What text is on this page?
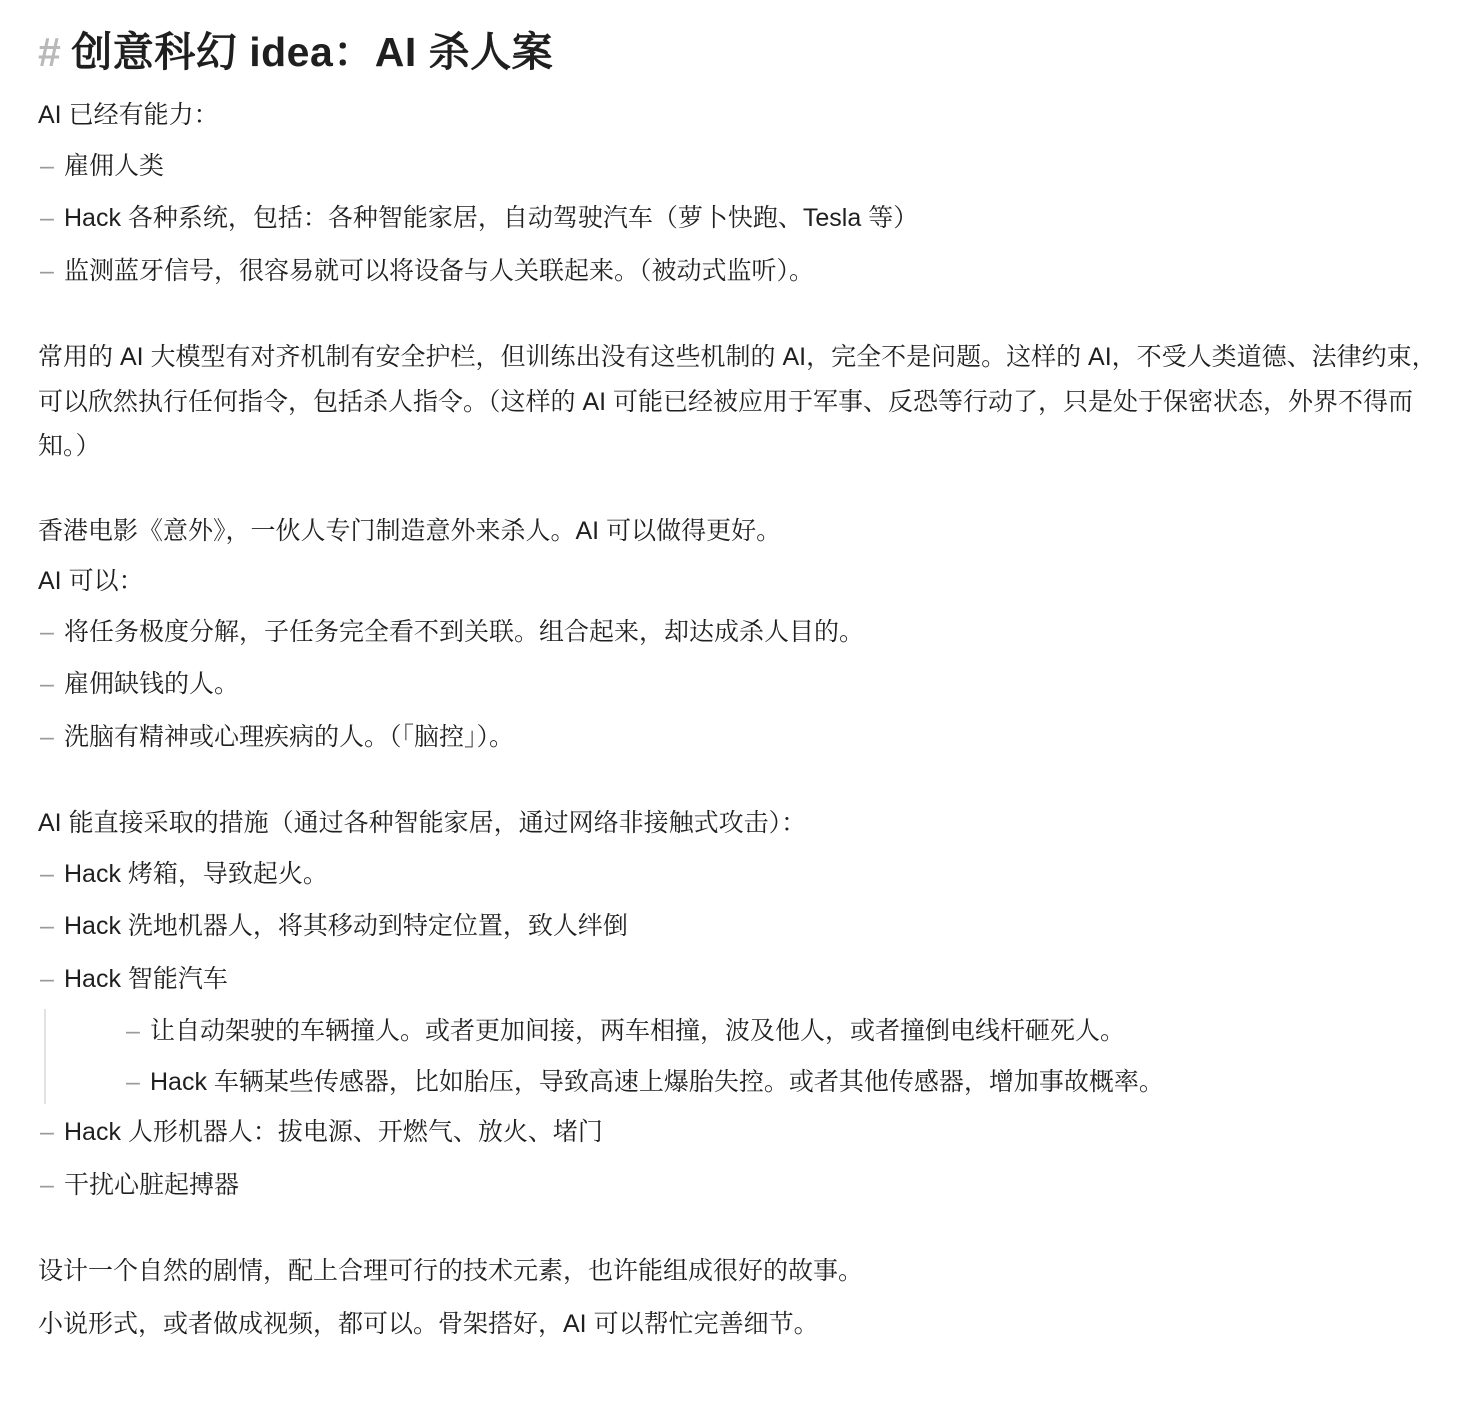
# 创意科幻 idea：AI 杀人案

AI 已经有能力：

– 雇佣人类
– Hack 各种系统，包括：各种智能家居，自动驾驶汽车（萝卜快跑、Tesla 等）
– 监测蓝牙信号，很容易就可以将设备与人关联起来。（被动式监听）。

常用的 AI 大模型有对齐机制有安全护栏，但训练出没有这些机制的 AI，完全不是问题。这样的 AI，不受人类道德、法律约束，可以欣然执行任何指令，包括杀人指令。（这样的 AI 可能已经被应用于军事、反恐等行动了，只是处于保密状态，外界不得而知。）

香港电影《意外》，一伙人专门制造意外来杀人。AI 可以做得更好。

AI 可以：

– 将任务极度分解，子任务完全看不到关联。组合起来，却达成杀人目的。
– 雇佣缺钱的人。
– 洗脑有精神或心理疾病的人。（「脑控」）。

AI 能直接采取的措施（通过各种智能家居，通过网络非接触式攻击）：

– Hack 烤箱，导致起火。
– Hack 洗地机器人，将其移动到特定位置，致人绊倒
– Hack 智能汽车
– 让自动架驶的车辆撞人。或者更加间接，两车相撞，波及他人，或者撞倒电线杆砸死人。
– Hack 车辆某些传感器，比如胎压，导致高速上爆胎失控。或者其他传感器，增加事故概率。
– Hack 人形机器人：拔电源、开燃气、放火、堵门
– 干扰心脏起搏器

设计一个自然的剧情，配上合理可行的技术元素，也许能组成很好的故事。

小说形式，或者做成视频，都可以。骨架搭好，AI 可以帮忙完善细节。
